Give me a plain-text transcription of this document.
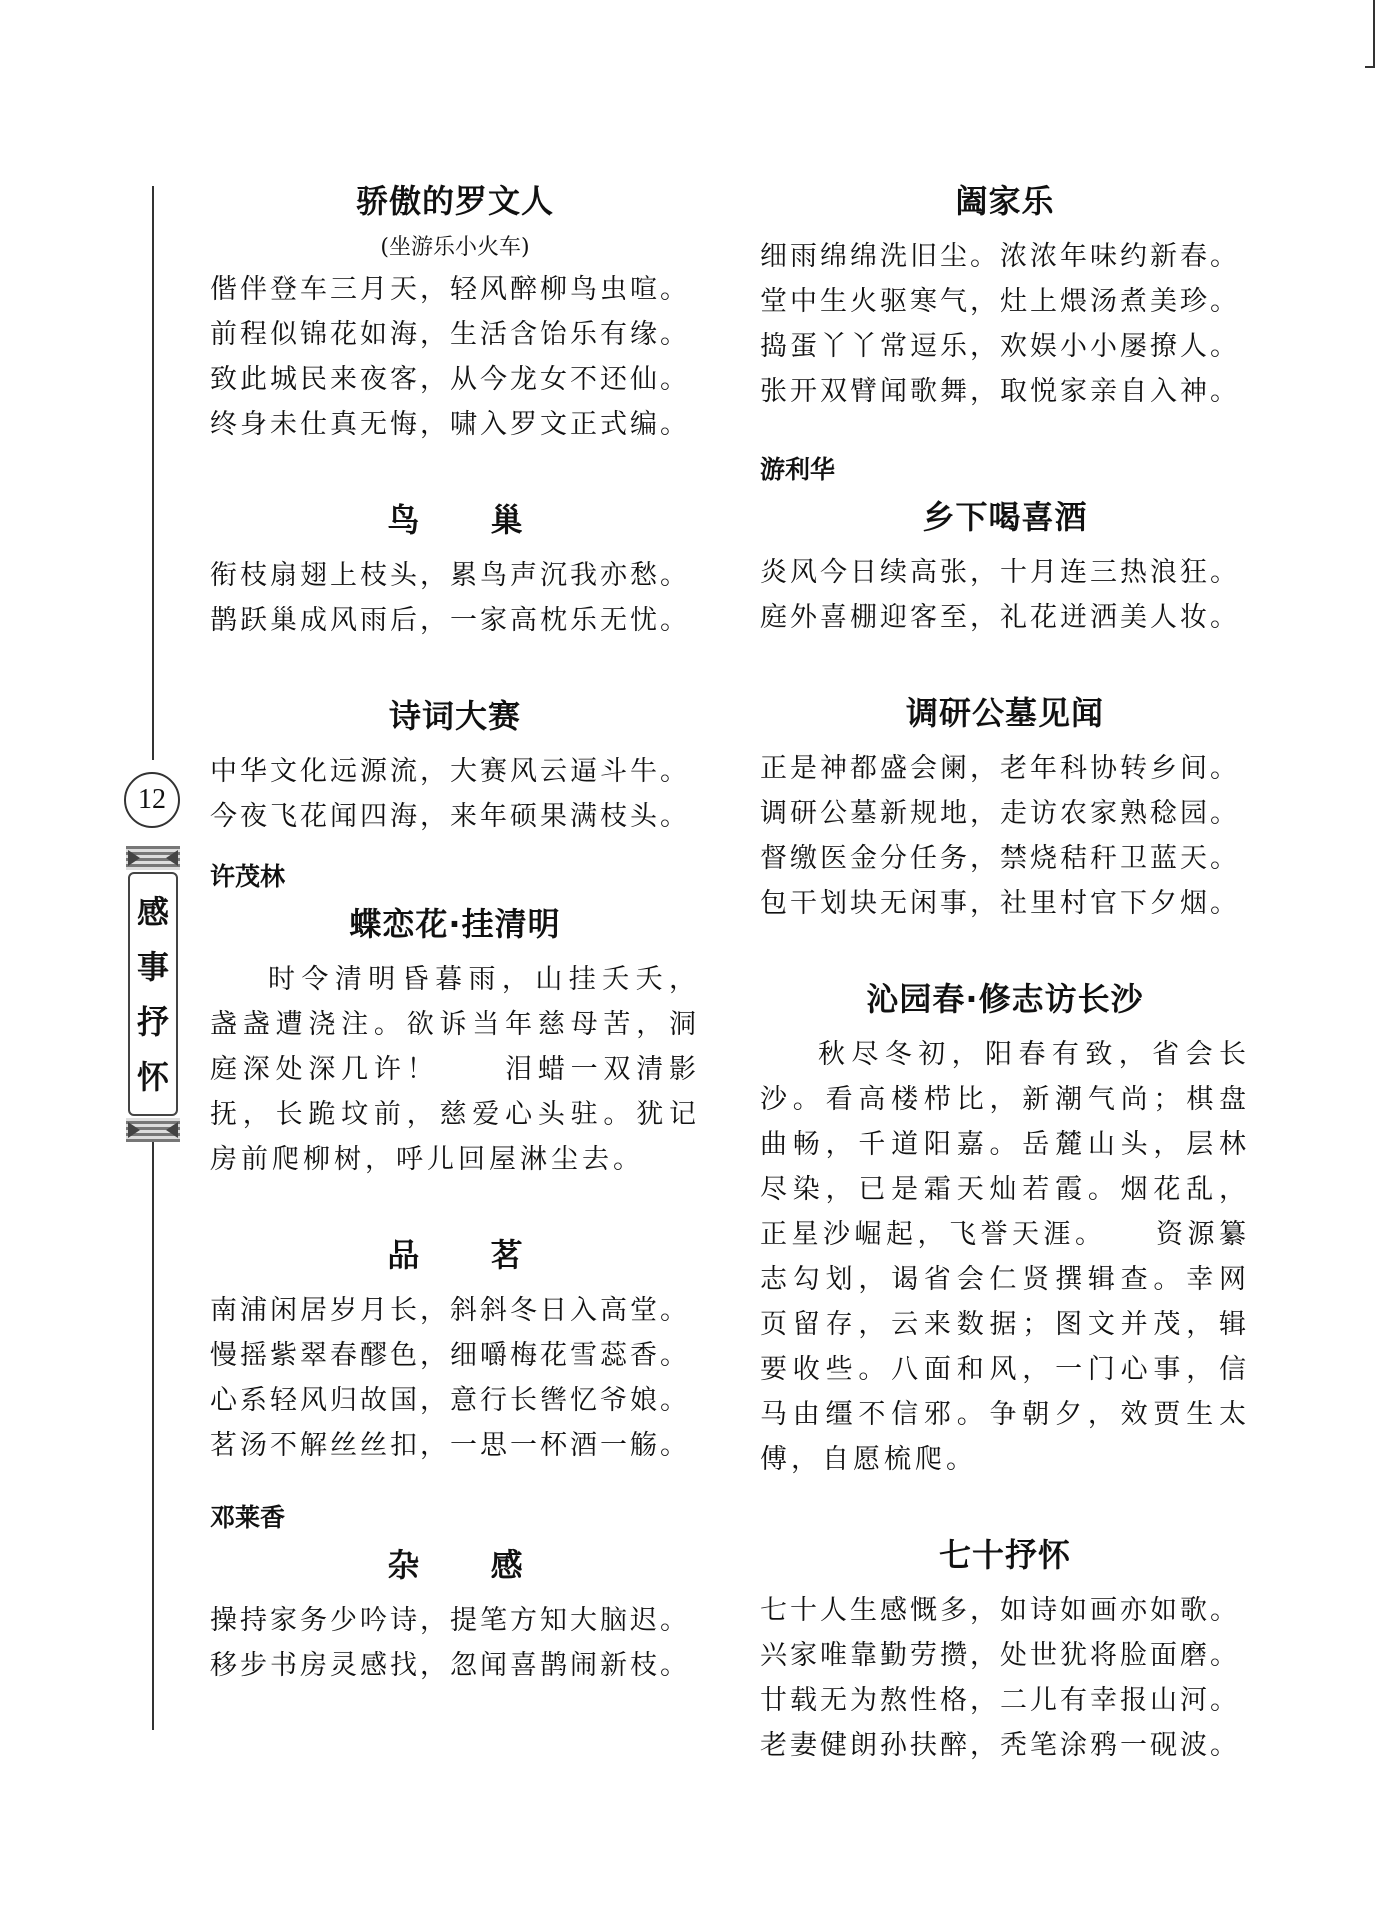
12
感
事
抒
怀
骄傲的罗文人
(坐游乐小火车)
偕伴登车三月天，轻风醉柳鸟虫喧。
前程似锦花如海，生活含饴乐有缘。
致此城民来夜客，从今龙女不还仙。
终身未仕真无悔，啸入罗文正式编。
鸟 巢
衔枝扇翅上枝头，累鸟声沉我亦愁。
鹊跃巢成风雨后，一家高枕乐无忧。
诗词大赛
中华文化远源流，大赛风云逼斗牛。
今夜飞花闻四海，来年硕果满枝头。
许茂林
蝶恋花·挂清明
时令清明昏暮雨，山挂夭夭，盏盏遭浇注。欲诉当年慈母苦，洞庭深处深几许！　　泪蜡一双清影抚，长跪坟前，慈爱心头驻。犹记房前爬柳树，呼儿回屋淋尘去。
品 茗
南浦闲居岁月长，斜斜冬日入高堂。
慢摇紫翠春醪色，细嚼梅花雪蕊香。
心系轻风归故国，意行长辔忆爷娘。
茗汤不解丝丝扣，一思一杯酒一觞。
邓莱香
杂 感
操持家务少吟诗，提笔方知大脑迟。
移步书房灵感找，忽闻喜鹊闹新枝。
阖家乐
细雨绵绵洗旧尘。浓浓年味约新春。
堂中生火驱寒气，灶上煨汤煮美珍。
捣蛋丫丫常逗乐，欢娱小小屡撩人。
张开双臂闻歌舞，取悦家亲自入神。
游利华
乡下喝喜酒
炎风今日续高张，十月连三热浪狂。
庭外喜棚迎客至，礼花迸洒美人妆。
调研公墓见闻
正是神都盛会阑，老年科协转乡间。
调研公墓新规地，走访农家熟稔园。
督缴医金分任务，禁烧秸秆卫蓝天。
包干划块无闲事，社里村官下夕烟。
沁园春·修志访长沙
秋尽冬初，阳春有致，省会长沙。看高楼栉比，新潮气尚；棋盘曲畅，千道阳嘉。岳麓山头，层林尽染，已是霜天灿若霞。烟花乱，正星沙崛起，飞誉天涯。　　资源纂志勾划，谒省会仁贤撰辑查。幸网页留存，云来数据；图文并茂，辑要收些。八面和风，一门心事，信马由缰不信邪。争朝夕，效贾生太傅，自愿梳爬。
七十抒怀
七十人生感慨多，如诗如画亦如歌。
兴家唯靠勤劳攒，处世犹将脸面磨。
廿载无为熬性格，二儿有幸报山河。
老妻健朗孙扶醉，秃笔涂鸦一砚波。
